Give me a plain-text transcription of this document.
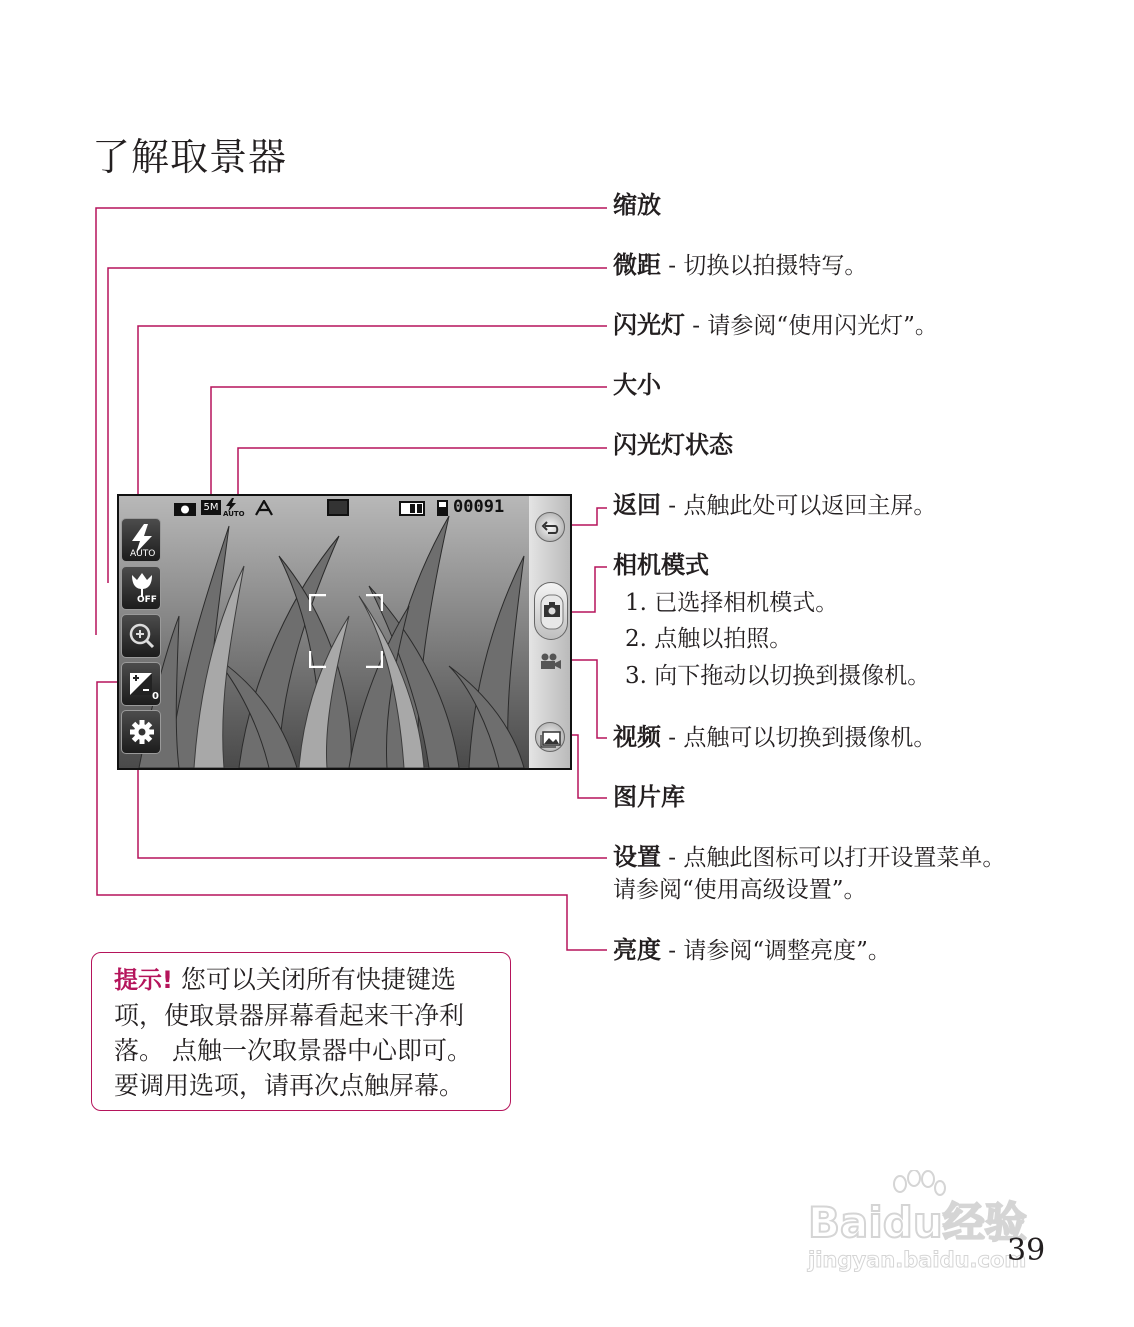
了解取景器
5M
AUTO	00091
AUTO
OFF
0
缩放
微距 - 切换以拍摄特写。
闪光灯 - 请参阅“使用闪光灯”。
大小
闪光灯状态
返回 - 点触此处可以返回主屏。
相机模式
1. 已选择相机模式。
2. 点触以拍照。
3. 向下拖动以切换到摄像机。
视频 - 点触可以切换到摄像机。
图片库
设置 - 点触此图标可以打开设置菜单。
请参阅“使用高级设置”。
亮度 - 请参阅“调整亮度”。
提示! 您可以关闭所有快捷键选
项，使取景器屏幕看起来干净利
落。 点触一次取景器中心即可。
要调用选项，请再次点触屏幕。
Baidu经验
jingyan.baidu.com
39
